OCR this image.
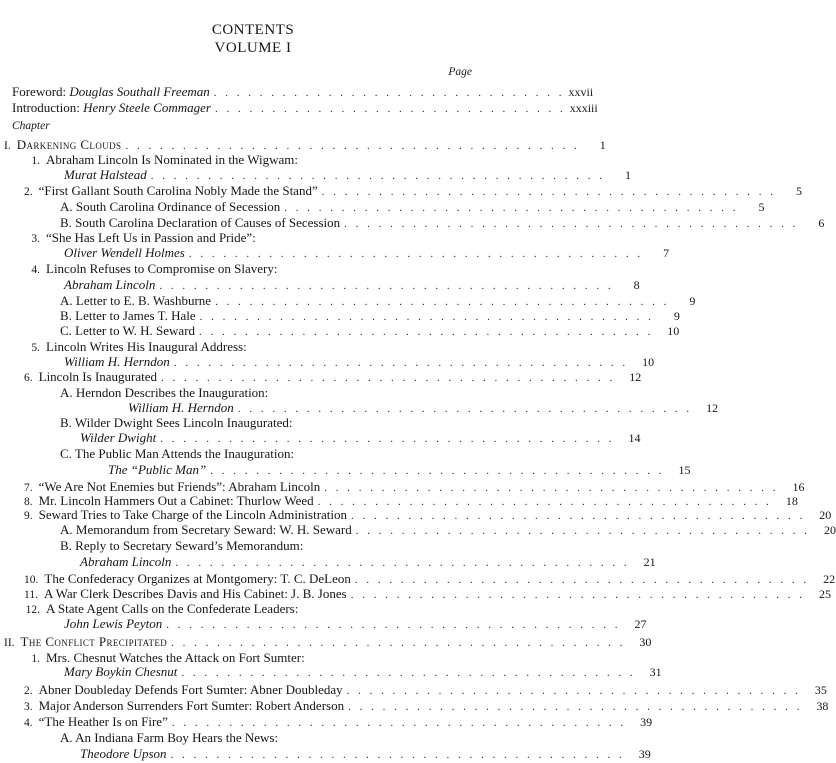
CONTENTS
VOLUME I
Page
Foreword:
Douglas Southall Freeman . . . . . . . . . . . . . . . . . . . . . . . . . . . . . . . xxvii
Introduction:
Henry Steele Commager . . . . . . . . . . . . . . . . . . . . . . . . . . . . . . . xxxiii
Chapter
I. Darkening Clouds . . . . . . . . . . . . . . . . . . . . . . . . . . . . . . . . . . . . . . . .	1
1. Abraham Lincoln Is Nominated in the Wigwam:
Murat Halstead . . . . . . . . . . . . . . . . . . . . . . . . . . . . . . . . . . . . . . . .	1
2. “First Gallant South Carolina Nobly Made the Stand” . . . . . . . . . . . . . . . . . . . . . . . . . . . . . . . . . . . . . . . .	5
A. South Carolina Ordinance of Secession . . . . . . . . . . . . . . . . . . . . . . . . . . . . . . . . . . . . . . . .	5
B. South Carolina Declaration of Causes of Secession . . . . . . . . . . . . . . . . . . . . . . . . . . . . . . . . . . . . . . . .	6
3. “She Has Left Us in Passion and Pride”:
Oliver Wendell Holmes . . . . . . . . . . . . . . . . . . . . . . . . . . . . . . . . . . . . . . . .	7
4. Lincoln Refuses to Compromise on Slavery:
Abraham Lincoln . . . . . . . . . . . . . . . . . . . . . . . . . . . . . . . . . . . . . . . .	8
A. Letter to E. B. Washburne . . . . . . . . . . . . . . . . . . . . . . . . . . . . . . . . . . . . . . . .	9
B. Letter to James T. Hale . . . . . . . . . . . . . . . . . . . . . . . . . . . . . . . . . . . . . . . .	9
C. Letter to W. H. Seward . . . . . . . . . . . . . . . . . . . . . . . . . . . . . . . . . . . . . . . .	10
5. Lincoln Writes His Inaugural Address:
William H. Herndon . . . . . . . . . . . . . . . . . . . . . . . . . . . . . . . . . . . . . . . .	10
6. Lincoln Is Inaugurated . . . . . . . . . . . . . . . . . . . . . . . . . . . . . . . . . . . . . . . .	12
A. Herndon Describes the Inauguration:
William H. Herndon . . . . . . . . . . . . . . . . . . . . . . . . . . . . . . . . . . . . . . . .	12
B. Wilder Dwight Sees Lincoln Inaugurated:
Wilder Dwight . . . . . . . . . . . . . . . . . . . . . . . . . . . . . . . . . . . . . . . .	14
C. The Public Man Attends the Inauguration:
The “Public Man” . . . . . . . . . . . . . . . . . . . . . . . . . . . . . . . . . . . . . . . .	15
7. “We Are Not Enemies but Friends”: Abraham Lincoln . . . . . . . . . . . . . . . . . . . . . . . . . . . . . . . . . . . . . . . .	16
8. Mr. Lincoln Hammers Out a Cabinet: Thurlow Weed . . . . . . . . . . . . . . . . . . . . . . . . . . . . . . . . . . . . . . . .	18
9. Seward Tries to Take Charge of the Lincoln Administration . . . . . . . . . . . . . . . . . . . . . . . . . . . . . . . . . . . . . . . .	20
A. Memorandum from Secretary Seward: W. H. Seward . . . . . . . . . . . . . . . . . . . . . . . . . . . . . . . . . . . . . . . .	20
B. Reply to Secretary Seward’s Memorandum:
Abraham Lincoln . . . . . . . . . . . . . . . . . . . . . . . . . . . . . . . . . . . . . . . .	21
10. The Confederacy Organizes at Montgomery: T. C. DeLeon . . . . . . . . . . . . . . . . . . . . . . . . . . . . . . . . . . . . . . . .	22
11. A War Clerk Describes Davis and His Cabinet: J. B. Jones . . . . . . . . . . . . . . . . . . . . . . . . . . . . . . . . . . . . . . . .	25
12. A State Agent Calls on the Confederate Leaders:
John Lewis Peyton . . . . . . . . . . . . . . . . . . . . . . . . . . . . . . . . . . . . . . . .	27
II. The Conflict Precipitated . . . . . . . . . . . . . . . . . . . . . . . . . . . . . . . . . . . . . . . .	30
1. Mrs. Chesnut Watches the Attack on Fort Sumter:
Mary Boykin Chesnut . . . . . . . . . . . . . . . . . . . . . . . . . . . . . . . . . . . . . . . .	31
2. Abner Doubleday Defends Fort Sumter: Abner Doubleday . . . . . . . . . . . . . . . . . . . . . . . . . . . . . . . . . . . . . . . .	35
3. Major Anderson Surrenders Fort Sumter: Robert Anderson . . . . . . . . . . . . . . . . . . . . . . . . . . . . . . . . . . . . . . . .	38
4. “The Heather Is on Fire” . . . . . . . . . . . . . . . . . . . . . . . . . . . . . . . . . . . . . . . .	39
A. An Indiana Farm Boy Hears the News:
Theodore Upson . . . . . . . . . . . . . . . . . . . . . . . . . . . . . . . . . . . . . . . .	39
